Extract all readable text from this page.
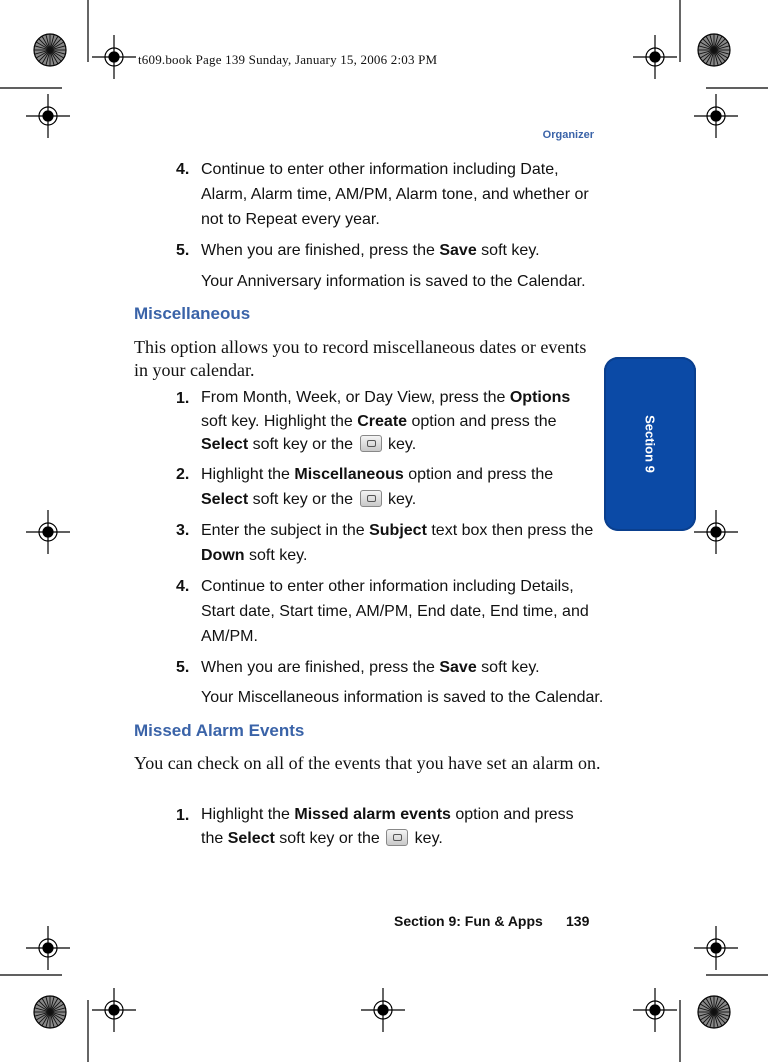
t609.book Page 139 Sunday, January 15, 2006 2:03 PM
Organizer
Section 9
4. Continue to enter other information including Date, Alarm, Alarm time, AM/PM, Alarm tone, and whether or not to Repeat every year.
5. When you are finished, press the Save soft key.
Your Anniversary information is saved to the Calendar.
Miscellaneous
This option allows you to record miscellaneous dates or events in your calendar.
1. From Month, Week, or Day View, press the Options soft key. Highlight the Create option and press the Select soft key or the  key.
2. Highlight the Miscellaneous option and press the Select soft key or the  key.
3. Enter the subject in the Subject text box then press the Down soft key.
4. Continue to enter other information including Details, Start date, Start time, AM/PM, End date, End time, and AM/PM.
5. When you are finished, press the Save soft key.
Your Miscellaneous information is saved to the Calendar.
Missed Alarm Events
You can check on all of the events that you have set an alarm on.
1. Highlight the Missed alarm events option and press the Select soft key or the  key.
Section 9: Fun & Apps 139
